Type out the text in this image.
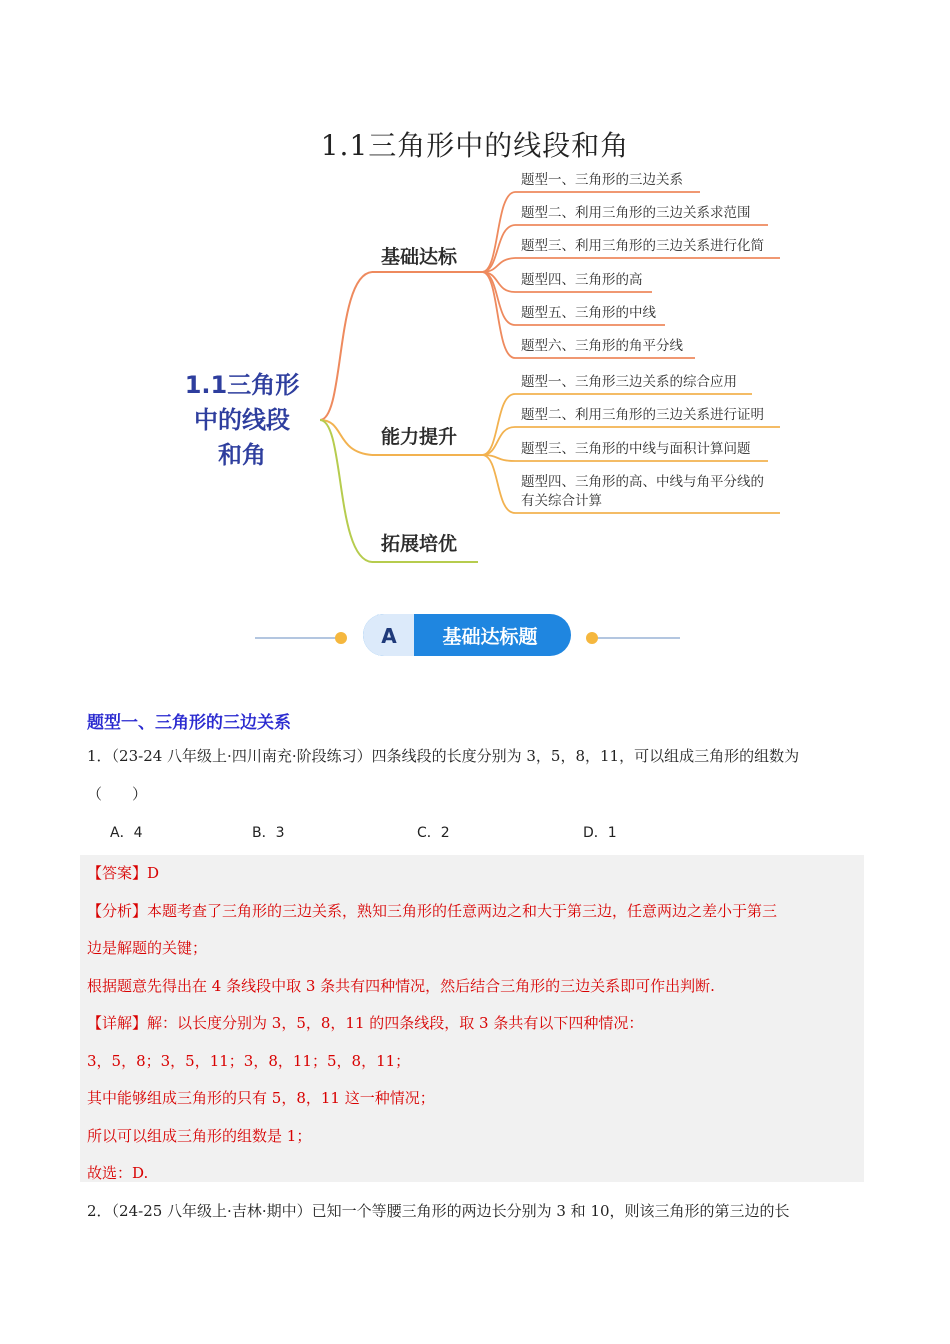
1.1三角形中的线段和角
1.1三角形
中的线段
和角
基础达标
能力提升
拓展培优
题型一、三角形的三边关系
题型二、利用三角形的三边关系求范围
题型三、利用三角形的三边关系进行化简
题型四、三角形的高
题型五、三角形的中线
题型六、三角形的角平分线
题型一、三角形三边关系的综合应用
题型二、利用三角形的三边关系进行证明
题型三、三角形的中线与面积计算问题
题型四、三角形的高、中线与角平分线的
有关综合计算
A 基础达标题
题型一、三角形的三边关系
1．（23-24 八年级上·四川南充·阶段练习）四条线段的长度分别为 3，5，8，11，可以组成三角形的组数为
（　　）
A．4	B．3	C．2	D．1
【答案】D
【分析】本题考查了三角形的三边关系，熟知三角形的任意两边之和大于第三边，任意两边之差小于第三
边是解题的关键；
根据题意先得出在 4 条线段中取 3 条共有四种情况，然后结合三角形的三边关系即可作出判断.
【详解】解：以长度分别为 3，5，8，11 的四条线段，取 3 条共有以下四种情况：
3，5，8；3，5，11；3，8，11；5，8，11；
其中能够组成三角形的只有 5，8，11 这一种情况；
所以可以组成三角形的组数是 1；
故选：D.
2．（24-25 八年级上·吉林·期中）已知一个等腰三角形的两边长分别为 3 和 10，则该三角形的第三边的长
